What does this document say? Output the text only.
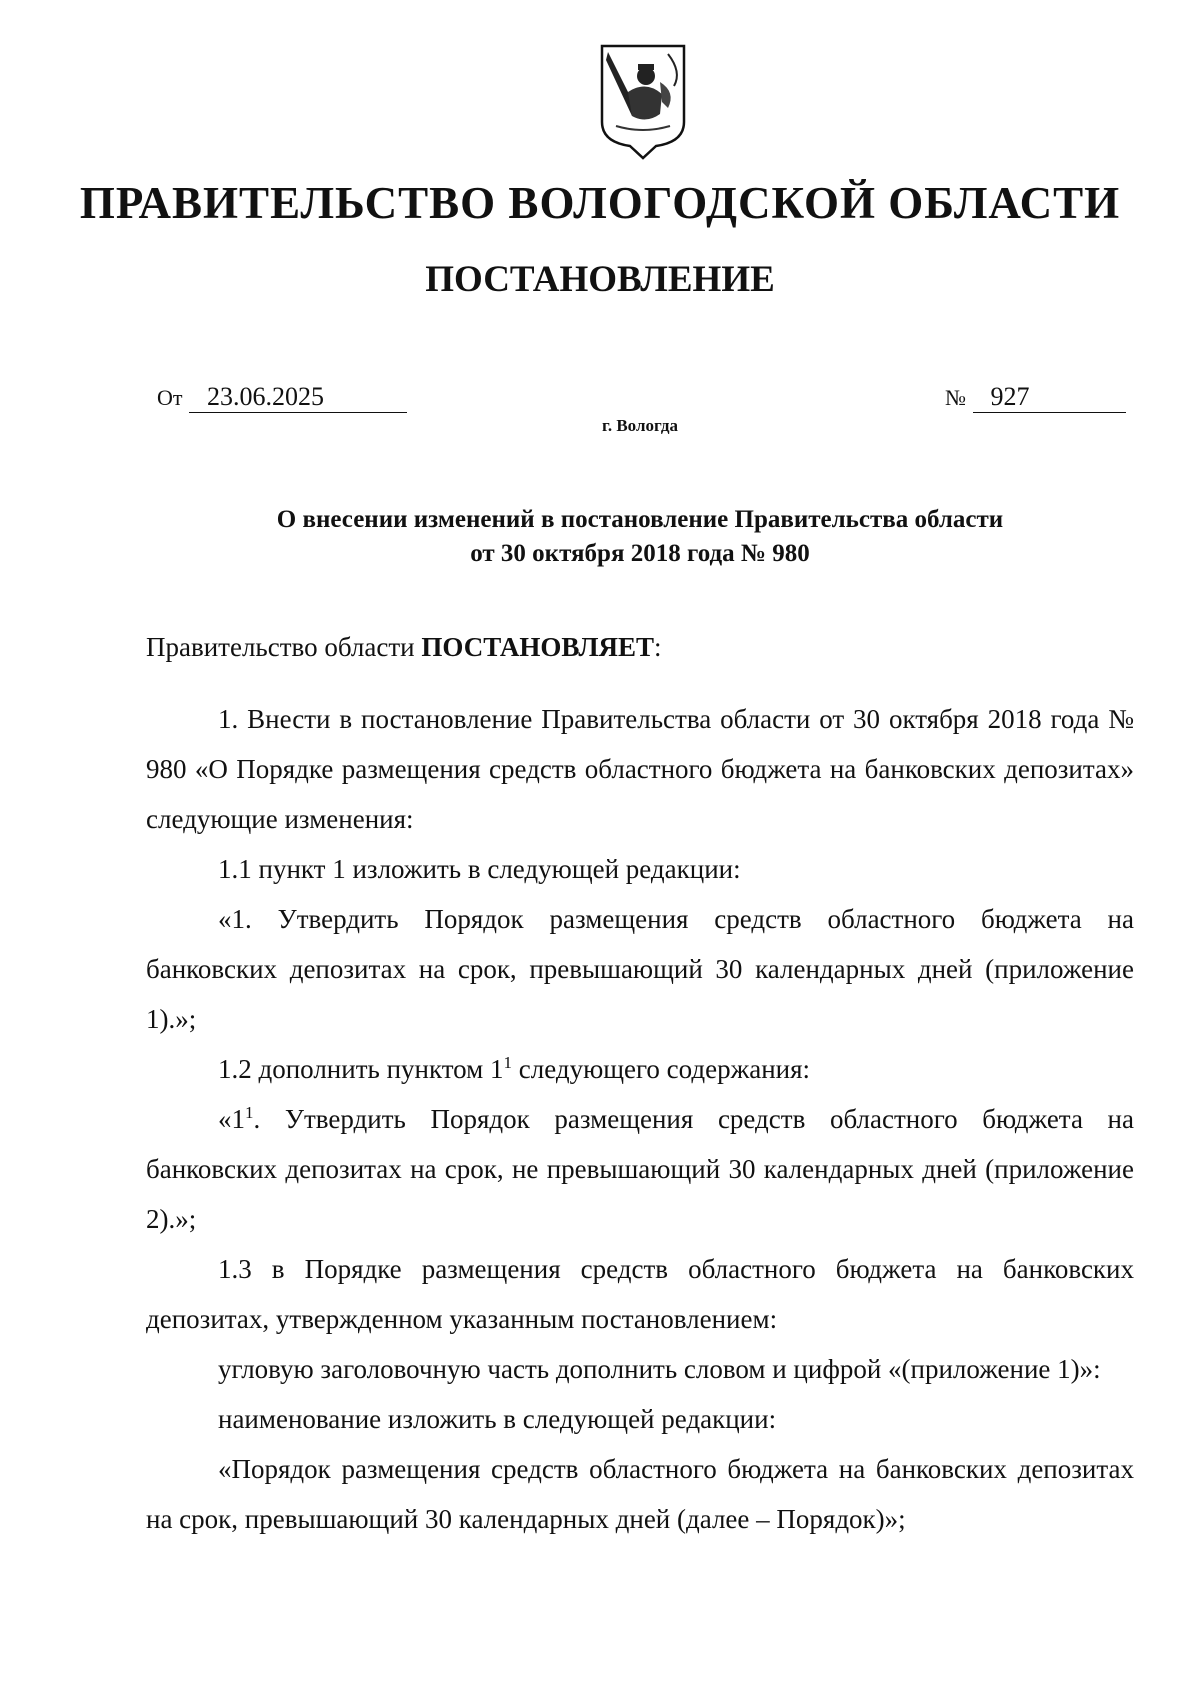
ПРАВИТЕЛЬСТВО ВОЛОГОДСКОЙ ОБЛАСТИ
ПОСТАНОВЛЕНИЕ
От 23.06.2025	№ 927
г. Вологда
О внесении изменений в постановление Правительства области
от 30 октября 2018 года № 980

Правительство области ПОСТАНОВЛЯЕТ:

1. Внести в постановление Правительства области от 30 октября 2018 года № 980 «О Порядке размещения средств областного бюджета на банковских депозитах» следующие изменения:

1.1 пункт 1 изложить в следующей редакции:

«1. Утвердить Порядок размещения средств областного бюджета на банковских депозитах на срок, превышающий 30 календарных дней (приложение 1).»;

1.2 дополнить пунктом $1^1$ следующего содержания:

«$1^1$. Утвердить Порядок размещения средств областного бюджета на банковских депозитах на срок, не превышающий 30 календарных дней (приложение 2).»;

1.3 в Порядке размещения средств областного бюджета на банковских депозитах, утвержденном указанным постановлением:

угловую заголовочную часть дополнить словом и цифрой «(приложение 1)»:

наименование изложить в следующей редакции:

«Порядок размещения средств областного бюджета на банковских депозитах на срок, превышающий 30 календарных дней (далее – Порядок)»;
